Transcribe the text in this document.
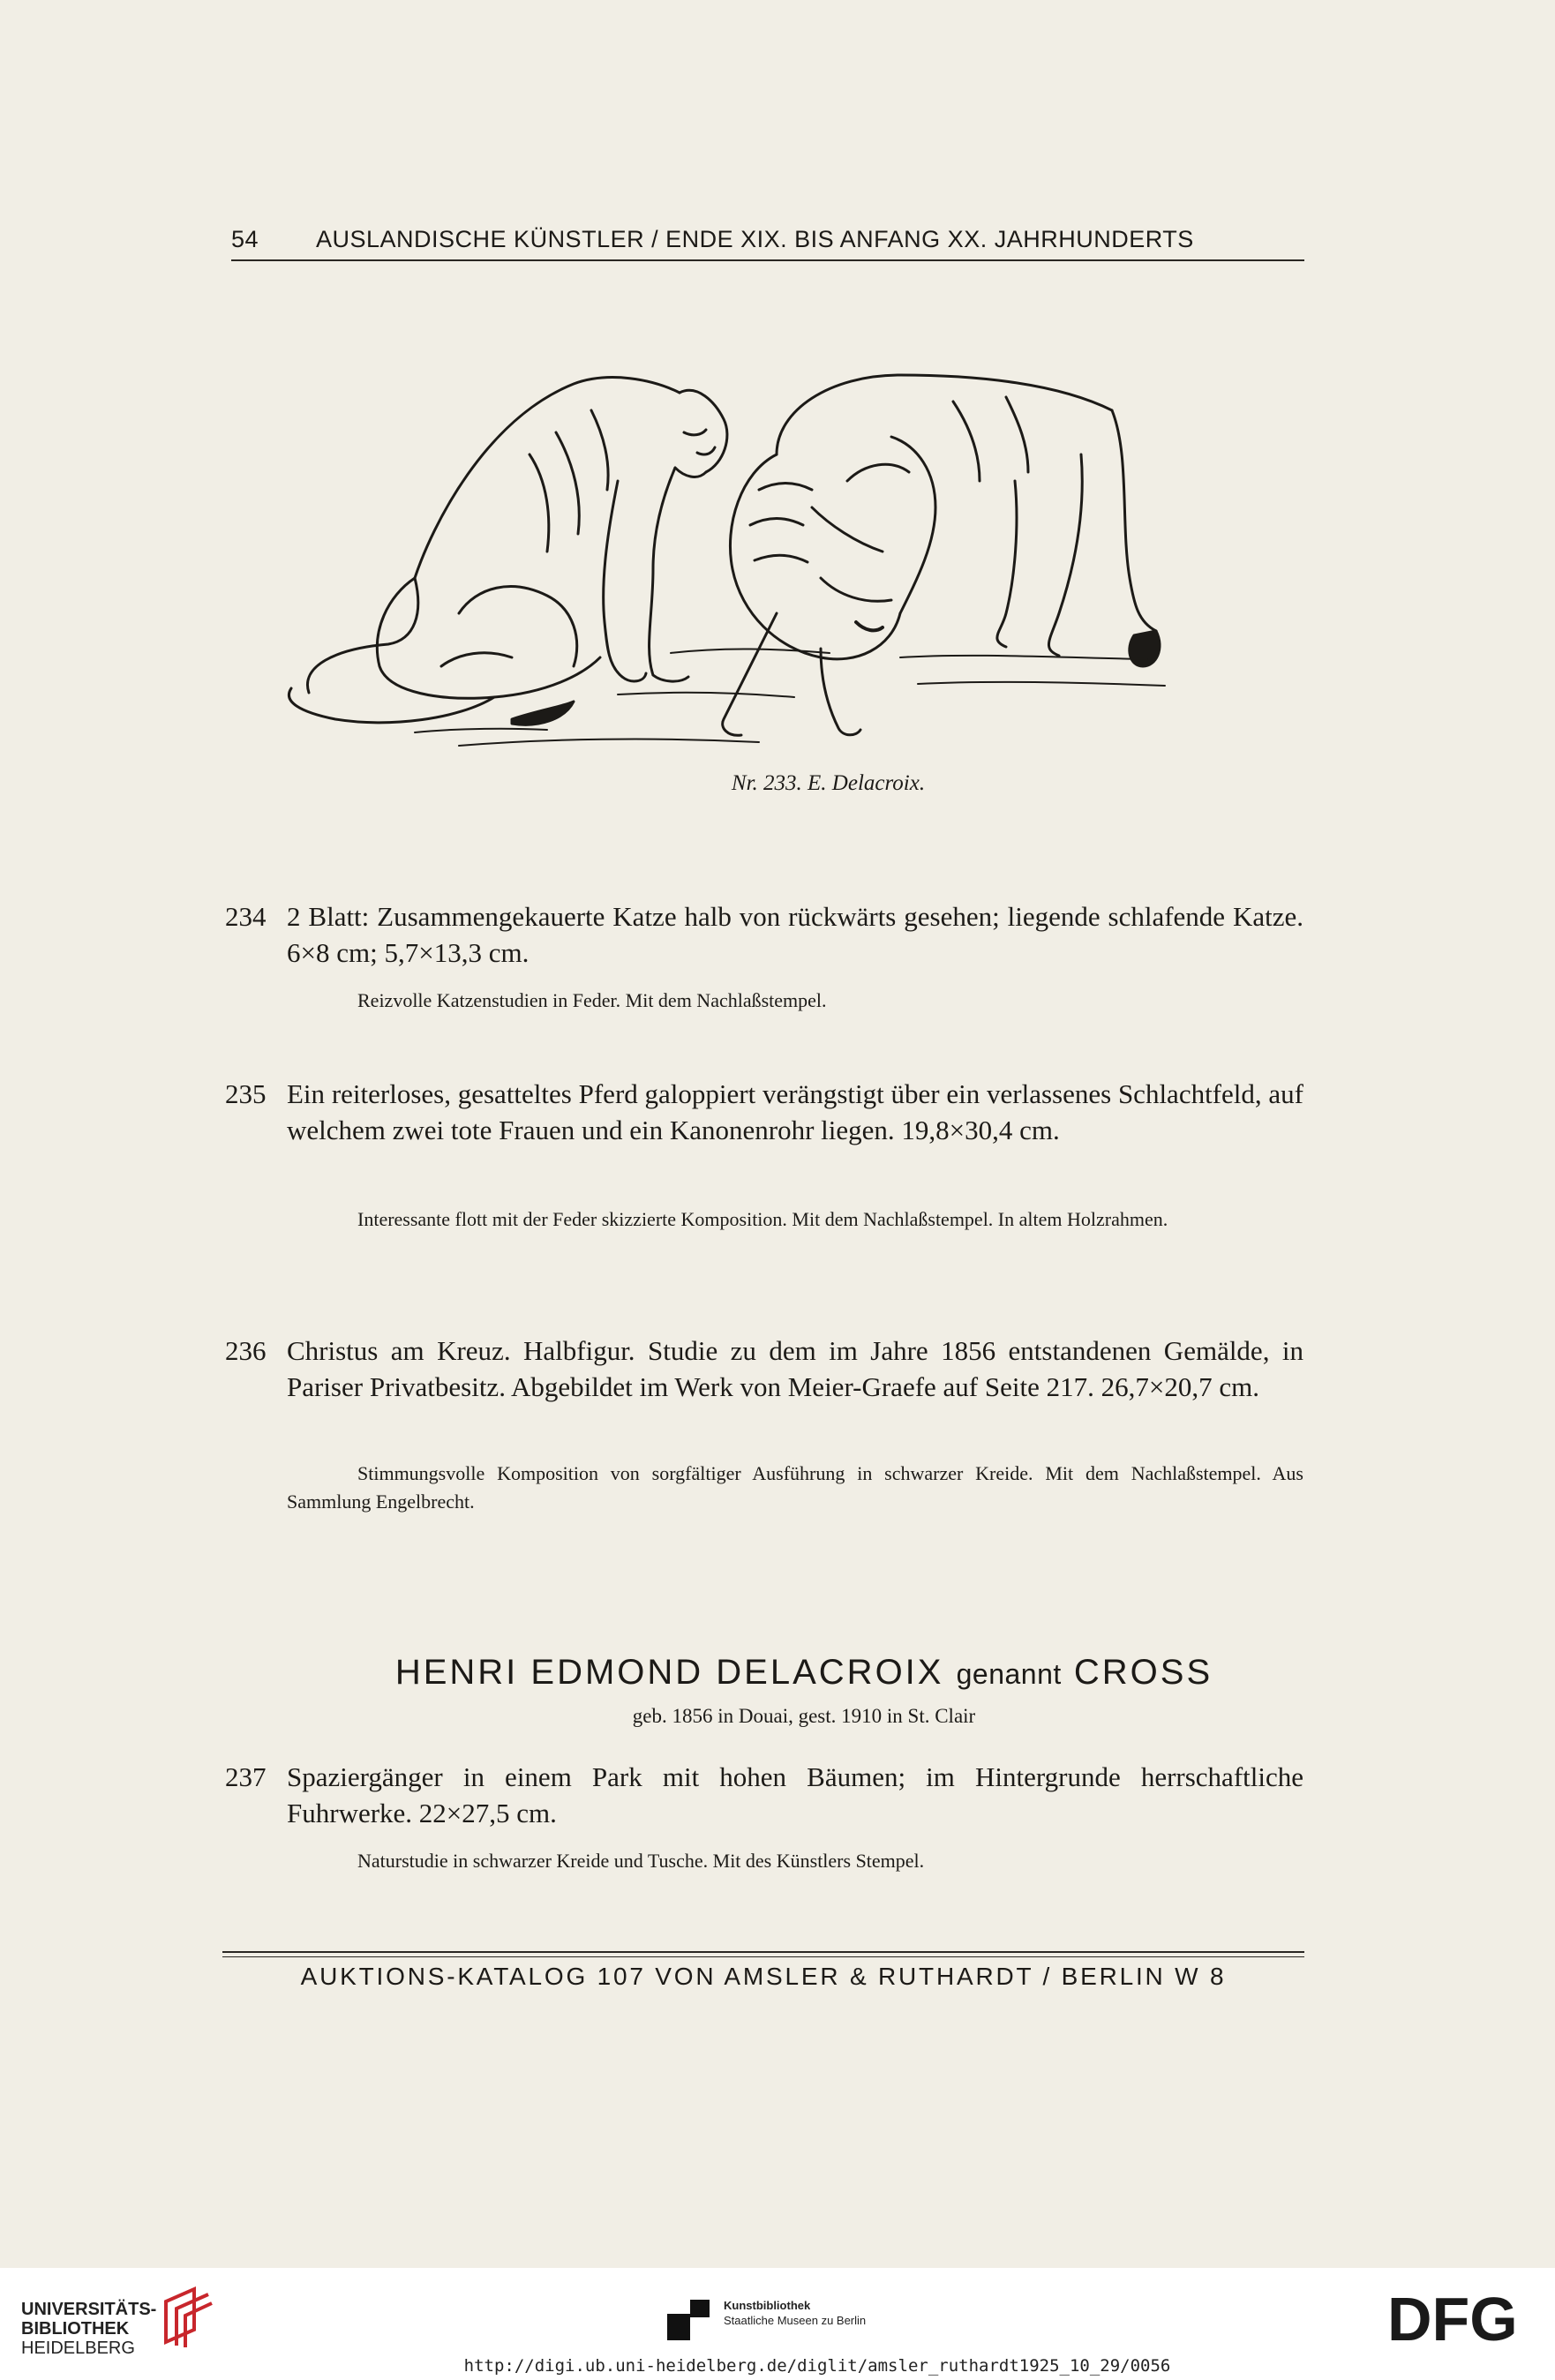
54 AUSLANDISCHE KÜNSTLER / ENDE XIX. BIS ANFANG XX. JAHRHUNDERTS
Nr. 233. E. Delacroix.
234 2 Blatt: Zusammengekauerte Katze halb von rückwärts gesehen; liegende schlafende Katze. 6×8 cm; 5,7×13,3 cm.
Reizvolle Katzenstudien in Feder. Mit dem Nachlaßstempel.
235 Ein reiterloses, gesatteltes Pferd galoppiert verängstigt über ein verlassenes Schlachtfeld, auf welchem zwei tote Frauen und ein Kanonenrohr liegen. 19,8×30,4 cm.
Interessante flott mit der Feder skizzierte Komposition. Mit dem Nachlaßstempel. In altem Holzrahmen.
236 Christus am Kreuz. Halbfigur. Studie zu dem im Jahre 1856 entstandenen Gemälde, in Pariser Privatbesitz. Abgebildet im Werk von Meier-Graefe auf Seite 217. 26,7×20,7 cm.
Stimmungsvolle Komposition von sorgfältiger Ausführung in schwarzer Kreide. Mit dem Nachlaßstempel. Aus Sammlung Engelbrecht.
HENRI EDMOND DELACROIX genannt CROSS
geb. 1856 in Douai, gest. 1910 in St. Clair
237 Spaziergänger in einem Park mit hohen Bäumen; im Hintergrunde herrschaftliche Fuhrwerke. 22×27,5 cm.
Naturstudie in schwarzer Kreide und Tusche. Mit des Künstlers Stempel.
AUKTIONS-KATALOG 107 VON AMSLER & RUTHARDT / BERLIN W 8
UNIVERSITÄTS-
BIBLIOTHEK
HEIDELBERG
Kunstbibliothek
Staatliche Museen zu Berlin	DFG
http://digi.ub.uni-heidelberg.de/diglit/amsler_ruthardt1925_10_29/0056
